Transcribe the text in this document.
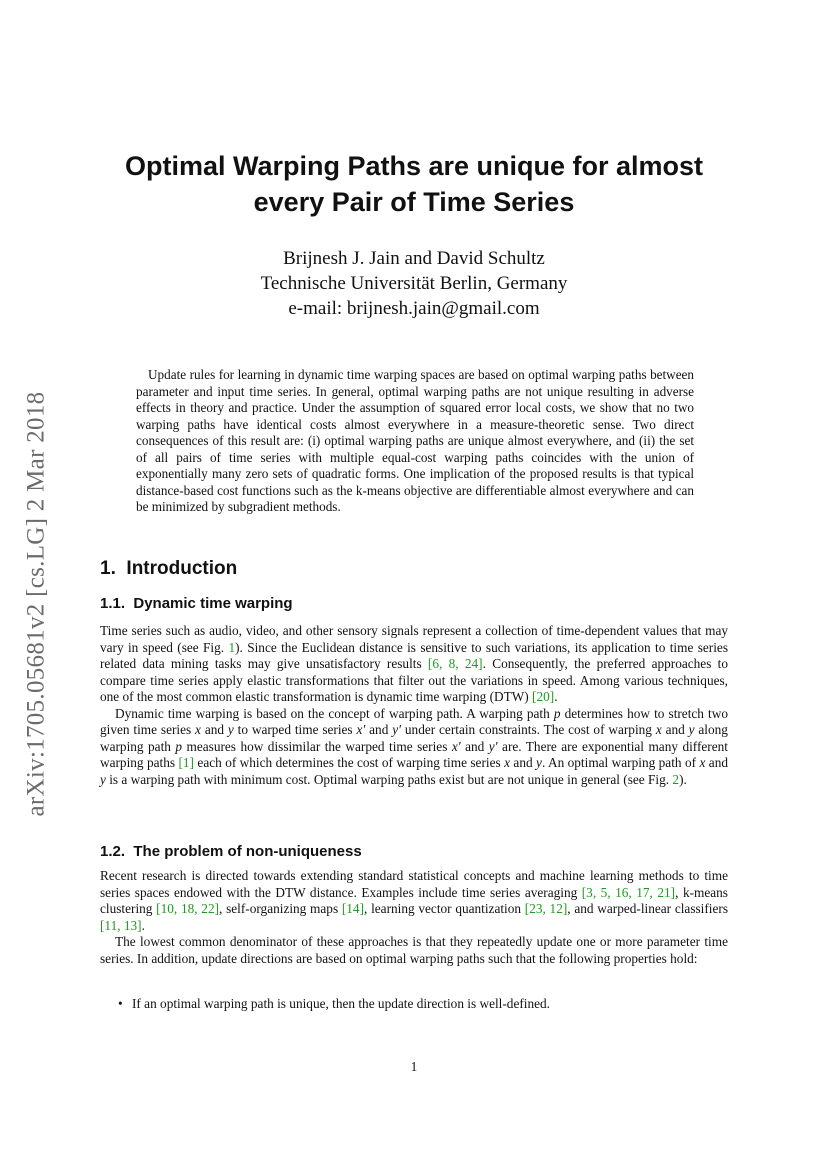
arXiv:1705.05681v2 [cs.LG] 2 Mar 2018
Optimal Warping Paths are unique for almost every Pair of Time Series
Brijnesh J. Jain and David Schultz
Technische Universität Berlin, Germany
e-mail: brijnesh.jain@gmail.com

Update rules for learning in dynamic time warping spaces are based on optimal warping paths between parameter and input time series. In general, optimal warping paths are not unique resulting in adverse effects in theory and practice. Under the assumption of squared error local costs, we show that no two warping paths have identical costs almost everywhere in a measure-theoretic sense. Two direct consequences of this result are: (i) optimal warping paths are unique almost everywhere, and (ii) the set of all pairs of time series with multiple equal-cost warping paths coincides with the union of exponentially many zero sets of quadratic forms. One implication of the proposed results is that typical distance-based cost functions such as the k-means objective are differentiable almost everywhere and can be minimized by subgradient methods.

1. Introduction
1.1. Dynamic time warping

Time series such as audio, video, and other sensory signals represent a collection of time-dependent values that may vary in speed (see Fig. 1). Since the Euclidean distance is sensitive to such variations, its application to time series related data mining tasks may give unsatisfactory results [6, 8, 24]. Consequently, the preferred approaches to compare time series apply elastic transformations that filter out the variations in speed. Among various techniques, one of the most common elastic transformation is dynamic time warping (DTW) [20].

Dynamic time warping is based on the concept of warping path. A warping path p determines how to stretch two given time series x and y to warped time series x′ and y′ under certain constraints. The cost of warping x and y along warping path p measures how dissimilar the warped time series x′ and y′ are. There are exponential many different warping paths [1] each of which determines the cost of warping time series x and y. An optimal warping path of x and y is a warping path with minimum cost. Optimal warping paths exist but are not unique in general (see Fig. 2).

1.2. The problem of non-uniqueness

Recent research is directed towards extending standard statistical concepts and machine learning methods to time series spaces endowed with the DTW distance. Examples include time series averaging [3, 5, 16, 17, 21], k-means clustering [10, 18, 22], self-organizing maps [14], learning vector quantization [23, 12], and warped-linear classifiers [11, 13].

The lowest common denominator of these approaches is that they repeatedly update one or more parameter time series. In addition, update directions are based on optimal warping paths such that the following properties hold:

• If an optimal warping path is unique, then the update direction is well-defined.
1
